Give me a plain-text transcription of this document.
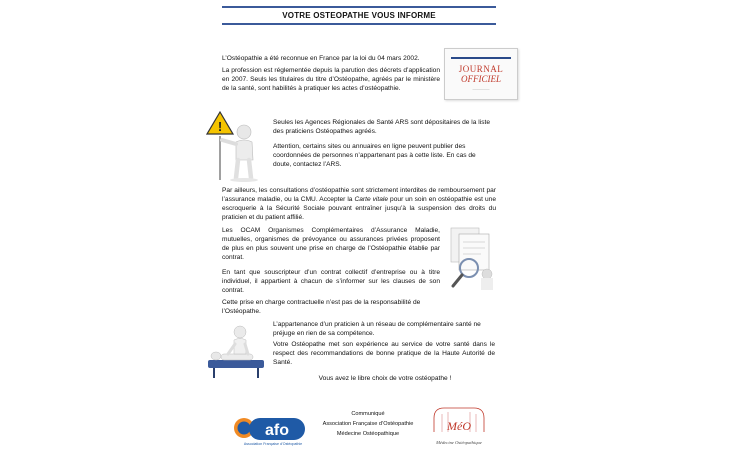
VOTRE OSTEOPATHE VOUS INFORME

L’Ostéopathie a été reconnue en France par la loi du 04 mars 2002.

La profession est réglementée depuis la parution des décrets d’application en 2007. Seuls les titulaires du titre d’Ostéopathe, agréés par le ministère de la santé, sont habilités à pratiquer les actes d’ostéopathie.

JOURNAL
OFFICIEL
────────
!	Seules les Agences Régionales de Santé ARS sont dépositaires de la liste des praticiens Ostéopathes agréés.

Attention, certains sites ou annuaires en ligne peuvent publier des coordonnées de personnes n’appartenant pas à cette liste. En cas de doute, contactez l’ARS.

Par ailleurs, les consultations d’ostéopathie sont strictement interdites de remboursement par l’assurance maladie, ou la CMU. Accepter la Carte vitale pour un soin en ostéopathie est une escroquerie à la Sécurité Sociale pouvant entraîner jusqu’à la suspension des droits du praticien et du patient affilié.

Les OCAM Organismes Complémentaires d’Assurance Maladie, mutuelles, organismes de prévoyance ou assurances privées proposent de plus en plus souvent une prise en charge de l’Ostéopathie établie par contrat.

En tant que souscripteur d’un contrat collectif d’entreprise ou à titre individuel, il appartient à chacun de s’informer sur les clauses de son contrat.

Cette prise en charge contractuelle n’est pas de la responsabilité de l’Ostéopathe.

L’appartenance d’un praticien à un réseau de complémentaire santé ne préjuge en rien de sa compétence.

Votre Ostéopathe met son expérience au service de votre santé dans le respect des recommandations de bonne pratique de la Haute Autorité de Santé.

Vous avez le libre choix de votre ostéopathe !

afo
Association Française d’Ostéopathie
Communiqué
Association Française d’Ostéopathie
Médecine Ostéopathique
MéO
Médecine Ostéopathique
